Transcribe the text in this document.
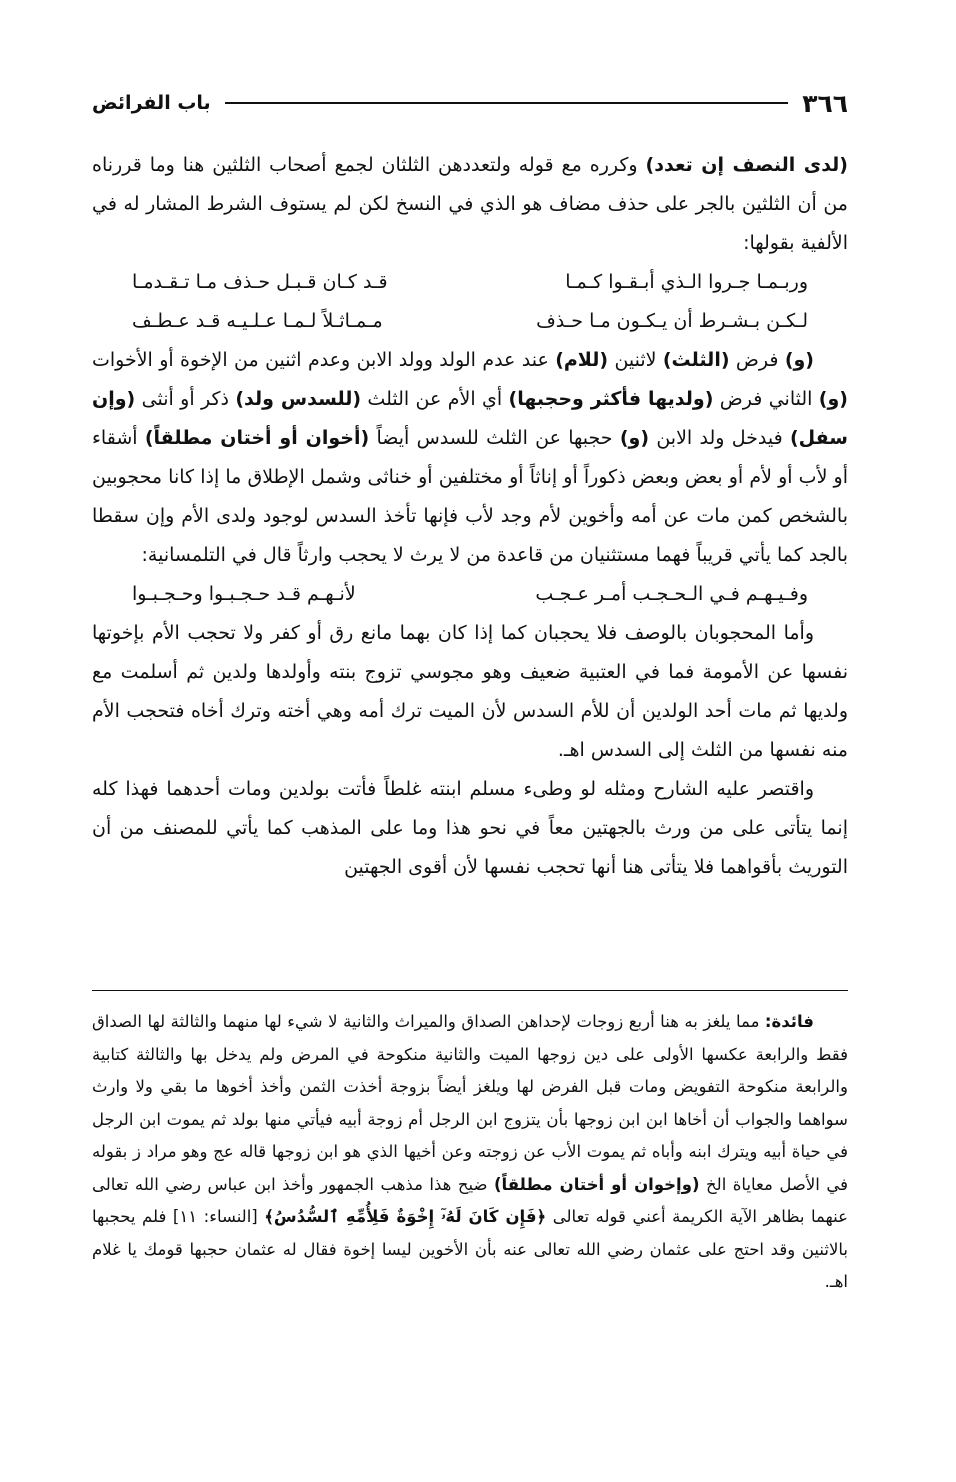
٣٦٦
باب الفرائض

(لدى النصف إن تعدد) وكرره مع قوله ولتعددهن الثلثان لجمع أصحاب الثلثين هنا وما قررناه من أن الثلثين بالجر على حذف مضاف هو الذي في النسخ لكن لم يستوف الشرط المشار له في الألفية بقولها:

وربـمـا جـروا الـذي أبـقـوا كـمـا
قـد كـان قـبـل حـذف مـا تـقـدمـا
لـكـن بـشـرط أن يـكـون مـا حـذف
مـمـاثـلاً لـمـا عـلـيـه قـد عـطـف

(و) فرض (الثلث) لاثنين (للام) عند عدم الولد وولد الابن وعدم اثنين من الإخوة أو الأخوات (و) الثاني فرض (ولديها فأكثر وحجبها) أي الأم عن الثلث (للسدس ولد) ذكر أو أنثى (وإن سفل) فيدخل ولد الابن (و) حجبها عن الثلث للسدس أيضاً (أخوان أو أختان مطلقاً) أشقاء أو لأب أو لأم أو بعض وبعض ذكوراً أو إناثاً أو مختلفين أو خناثى وشمل الإطلاق ما إذا كانا محجوبين بالشخص كمن مات عن أمه وأخوين لأم وجد لأب فإنها تأخذ السدس لوجود ولدى الأم وإن سقطا بالجد كما يأتي قريباً فهما مستثنيان من قاعدة من لا يرث لا يحجب وارثاً قال في التلمسانية:

وفـيـهـم فـي الـحـجـب أمـر عـجـب
لأنـهـم قـد حـجـبـوا وحـجـبـوا

وأما المحجوبان بالوصف فلا يحجبان كما إذا كان بهما مانع رق أو كفر ولا تحجب الأم بإخوتها نفسها عن الأمومة فما في العتبية ضعيف وهو مجوسي تزوج بنته وأولدها ولدين ثم أسلمت مع ولديها ثم مات أحد الولدين أن للأم السدس لأن الميت ترك أمه وهي أخته وترك أخاه فتحجب الأم منه نفسها من الثلث إلى السدس اهـ.

واقتصر عليه الشارح ومثله لو وطىء مسلم ابنته غلطاً فأتت بولدين ومات أحدهما فهذا كله إنما يتأتى على من ورث بالجهتين معاً في نحو هذا وما على المذهب كما يأتي للمصنف من أن التوريث بأقواهما فلا يتأتى هنا أنها تحجب نفسها لأن أقوى الجهتين

فائدة: مما يلغز به هنا أربع زوجات لإحداهن الصداق والميراث والثانية لا شيء لها منهما والثالثة لها الصداق فقط والرابعة عكسها الأولى على دين زوجها الميت والثانية منكوحة في المرض ولم يدخل بها والثالثة كتابية والرابعة منكوحة التفويض ومات قبل الفرض لها ويلغز أيضاً بزوجة أخذت الثمن وأخذ أخوها ما بقي ولا وارث سواهما والجواب أن أخاها ابن ابن زوجها بأن يتزوج ابن الرجل أم زوجة أبيه فيأتي منها بولد ثم يموت ابن الرجل في حياة أبيه ويترك ابنه وأباه ثم يموت الأب عن زوجته وعن أخيها الذي هو ابن زوجها قاله عج وهو مراد ز بقوله في الأصل معاياة الخ (وإخوان أو أختان مطلقاً) ضيح هذا مذهب الجمهور وأخذ ابن عباس رضي الله تعالى عنهما بظاهر الآية الكريمة أعني قوله تعالى ﴿فَإِن كَانَ لَهُۥٓ إِخْوَةٌ فَلِأُمِّهِ ٱلسُّدُسُ﴾ [النساء: ١١] فلم يحجبها بالاثنين وقد احتج على عثمان رضي الله تعالى عنه بأن الأخوين ليسا إخوة فقال له عثمان حجبها قومك يا غلام اهـ.
